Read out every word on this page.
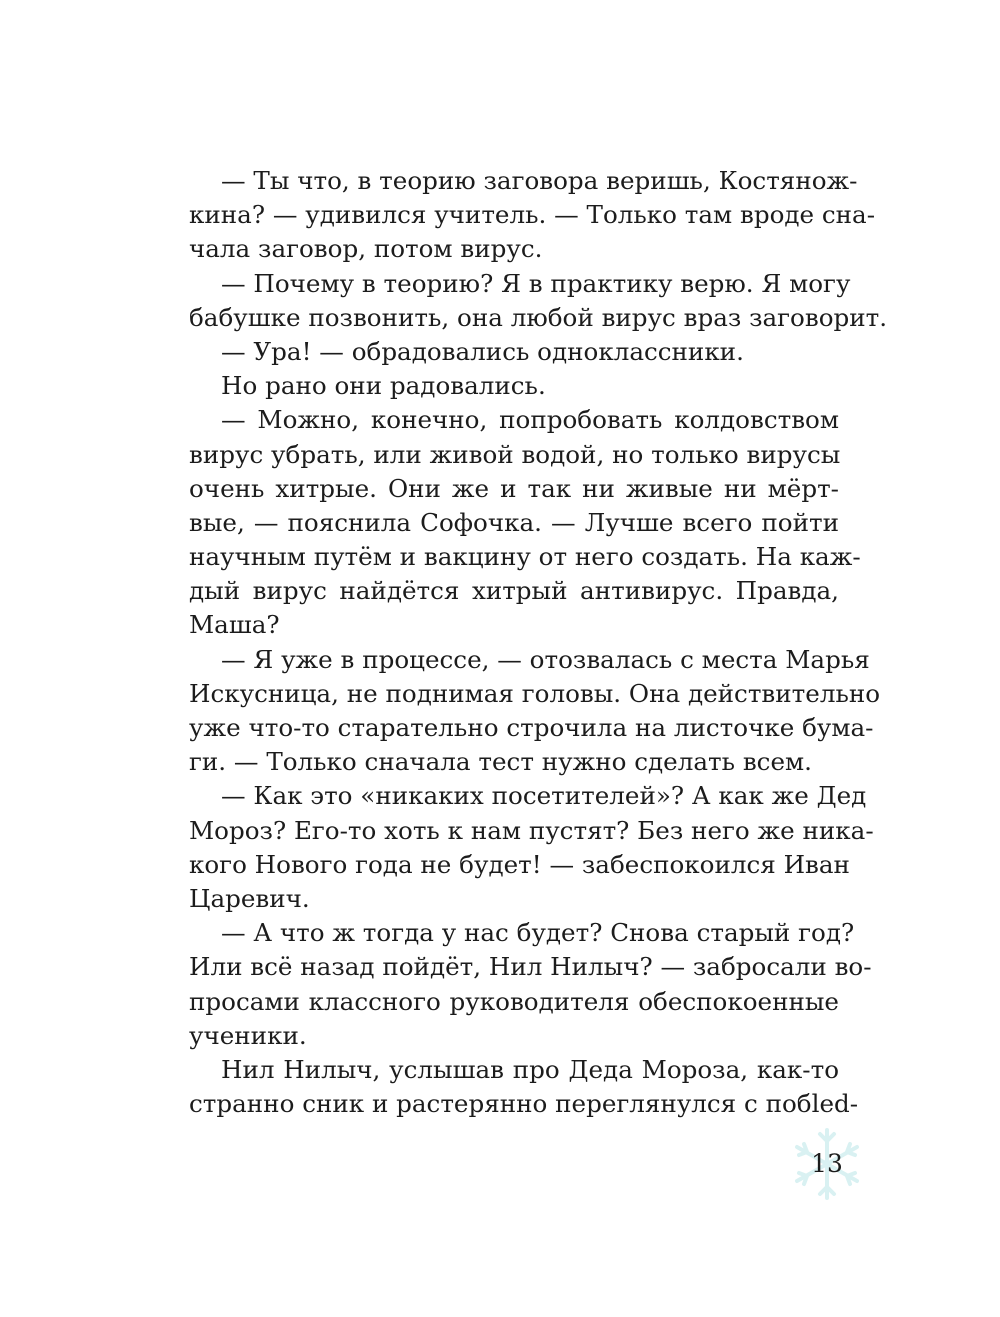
— Ты что, в теорию заговора веришь, Костянож-
кина? — удивился учитель. — Только там вроде сна-
чала заговор, потом вирус.
— Почему в теорию? Я в практику верю. Я могу
бабушке позвонить, она любой вирус враз заговорит.
— Ура! — обрадовались одноклассники.
Но рано они радовались.
— Можно, конечно, попробовать колдовством
вирус убрать, или живой водой, но только вирусы
очень хитрые. Они же и так ни живые ни мёрт-
вые, — пояснила Софочка. — Лучше всего пойти
научным путём и вакцину от него создать. На каж-
дый вирус найдётся хитрый антивирус. Правда,
Маша?
— Я уже в процессе, — отозвалась с места Марья
Искусница, не поднимая головы. Она действительно
уже что-то старательно строчила на листочке бума-
ги. — Только сначала тест нужно сделать всем.
— Как это «никаких посетителей»? А как же Дед
Мороз? Его-то хоть к нам пустят? Без него же ника-
кого Нового года не будет! — забеспокоился Иван
Царевич.
— А что ж тогда у нас будет? Снова старый год?
Или всё назад пойдёт, Нил Нилыч? — забросали во-
просами классного руководителя обеспокоенные
ученики.
Нил Нилыч, услышав про Деда Мороза, как-то
странно сник и растерянно переглянулся с побled-
13
